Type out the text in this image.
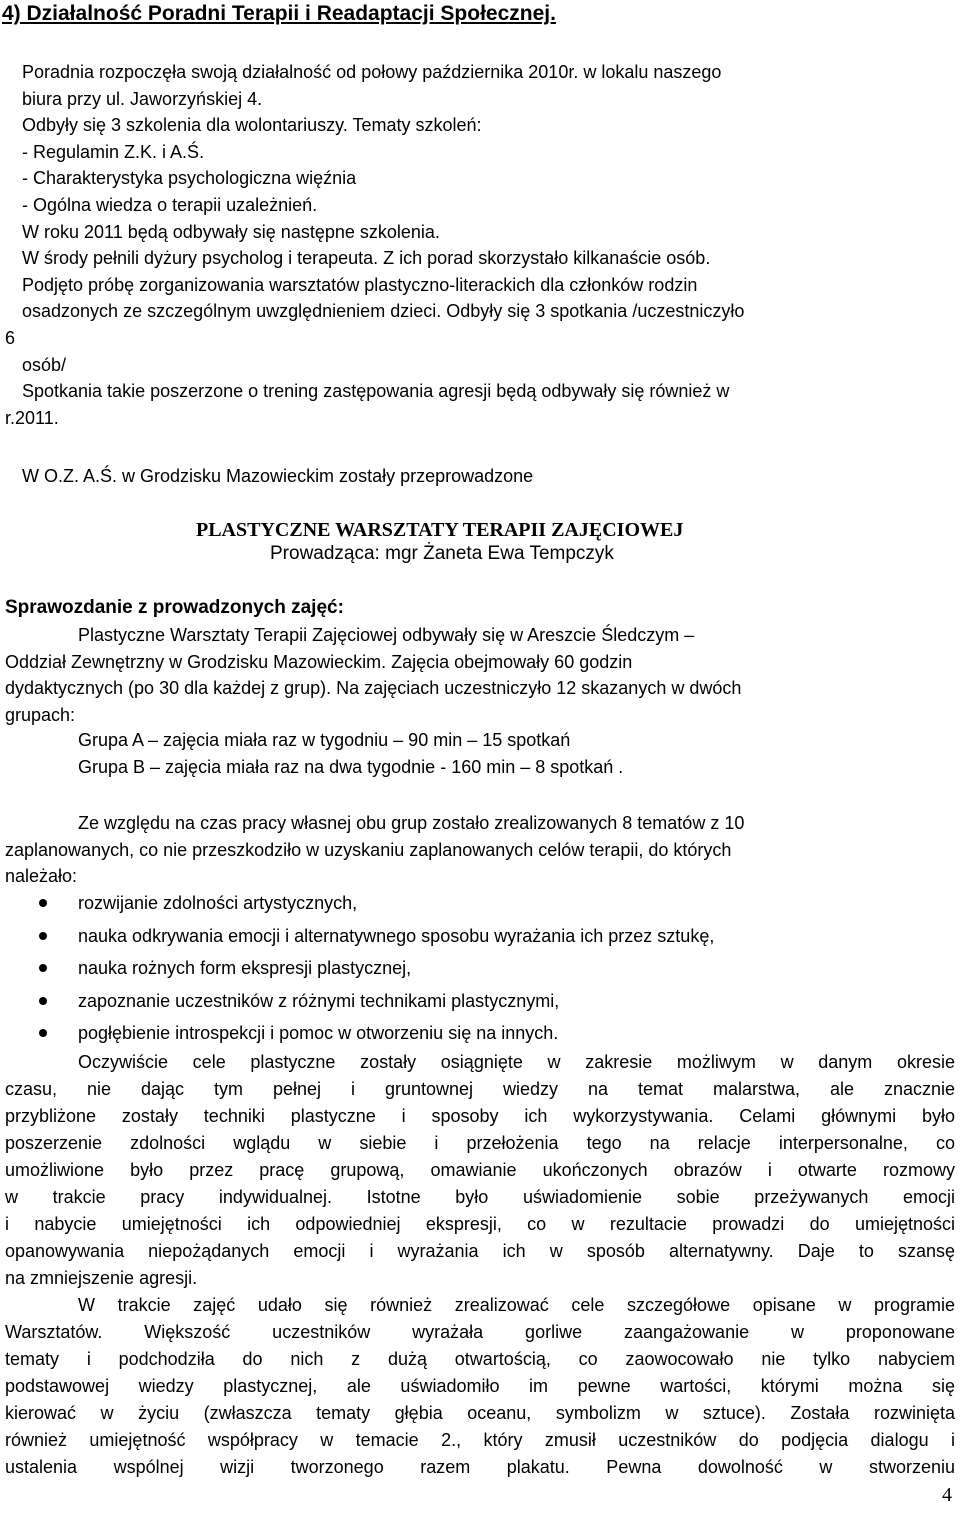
4) Działalność Poradni Terapii i Readaptacji Społecznej.
Poradnia rozpoczęła swoją działalność od połowy października 2010r. w lokalu naszego
biura przy ul. Jaworzyńskiej 4.
Odbyły się 3 szkolenia dla wolontariuszy. Tematy szkoleń:
- Regulamin Z.K. i A.Ś.
- Charakterystyka psychologiczna więźnia
- Ogólna wiedza o terapii uzależnień.
W roku 2011 będą odbywały się następne szkolenia.
W środy pełnili dyżury psycholog i terapeuta. Z ich porad skorzystało kilkanaście osób.
Podjęto próbę zorganizowania warsztatów plastyczno-literackich dla członków rodzin
osadzonych ze szczególnym uwzględnieniem dzieci. Odbyły się 3 spotkania /uczestniczyło
6
osób/
Spotkania takie poszerzone o trening zastępowania agresji będą odbywały się również w
r.2011.
W O.Z. A.Ś. w Grodzisku Mazowieckim zostały przeprowadzone
PLASTYCZNE WARSZTATY TERAPII ZAJĘCIOWEJ
Prowadząca: mgr Żaneta Ewa Tempczyk
Sprawozdanie z prowadzonych zajęć:
Plastyczne Warsztaty Terapii Zajęciowej odbywały się w Areszcie Śledczym –
Oddział Zewnętrzny w Grodzisku Mazowieckim. Zajęcia obejmowały 60 godzin
dydaktycznych (po 30 dla każdej z grup). Na zajęciach uczestniczyło 12 skazanych w dwóch
grupach:
Grupa A – zajęcia miała raz w tygodniu – 90 min – 15 spotkań
Grupa B – zajęcia miała raz na dwa tygodnie - 160 min – 8 spotkań .
Ze względu na czas pracy własnej obu grup zostało zrealizowanych 8 tematów z 10
zaplanowanych, co nie przeszkodziło w uzyskaniu zaplanowanych celów terapii, do których
należało:
rozwijanie zdolności artystycznych,
nauka odkrywania emocji i alternatywnego sposobu wyrażania ich przez sztukę,
nauka rożnych form ekspresji plastycznej,
zapoznanie uczestników z różnymi technikami plastycznymi,
pogłębienie introspekcji i pomoc w otworzeniu się na innych.
Oczywiście cele plastyczne zostały osiągnięte w zakresie możliwym w danym okresie
czasu, nie dając tym pełnej i gruntownej wiedzy na temat malarstwa, ale znacznie
przybliżone zostały techniki plastyczne i sposoby ich wykorzystywania. Celami głównymi było
poszerzenie zdolności wglądu w siebie i przełożenia tego na relacje interpersonalne, co
umożliwione było przez pracę grupową, omawianie ukończonych obrazów i otwarte rozmowy
w trakcie pracy indywidualnej. Istotne było uświadomienie sobie przeżywanych emocji
i nabycie umiejętności ich odpowiedniej ekspresji, co w rezultacie prowadzi do umiejętności
opanowywania niepożądanych emocji i wyrażania ich w sposób alternatywny. Daje to szansę
na zmniejszenie agresji.
W trakcie zajęć udało się również zrealizować cele szczegółowe opisane w programie
Warsztatów. Większość uczestników wyrażała gorliwe zaangażowanie w proponowane
tematy i podchodziła do nich z dużą otwartością, co zaowocowało nie tylko nabyciem
podstawowej wiedzy plastycznej, ale uświadomiło im pewne wartości, którymi można się
kierować w życiu (zwłaszcza tematy głębia oceanu, symbolizm w sztuce). Została rozwinięta
również umiejętność współpracy w temacie 2., który zmusił uczestników do podjęcia dialogu i
ustalenia wspólnej wizji tworzonego razem plakatu. Pewna dowolność w stworzeniu
4
